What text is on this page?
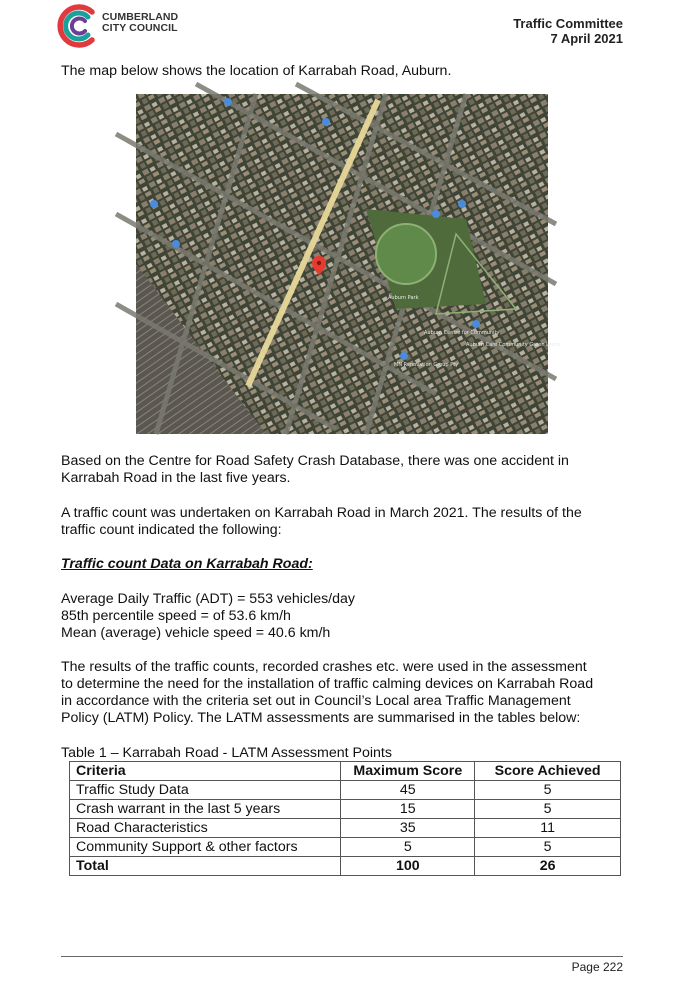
CUMBERLAND
CITY COUNCIL	Traffic Committee
7 April 2021
The map below shows the location of Karrabah Road, Auburn.
Auburn Park
Auburn Centre for Community
MN Renovation Group Pty
Auburn Care Community Green Lyons
Based on the Centre for Road Safety Crash Database, there was one accident in
Karrabah Road in the last five years.
A traffic count was undertaken on Karrabah Road in March 2021. The results of the
traffic count indicated the following:
Traffic count Data on Karrabah Road:
Average Daily Traffic (ADT) = 553 vehicles/day
85th percentile speed = of 53.6 km/h
Mean (average) vehicle speed = 40.6 km/h
The results of the traffic counts, recorded crashes etc. were used in the assessment
to determine the need for the installation of traffic calming devices on Karrabah Road
in accordance with the criteria set out in Council’s Local area Traffic Management
Policy (LATM) Policy. The LATM assessments are summarised in the tables below:
Table 1 – Karrabah Road - LATM Assessment Points
Criteria	Maximum Score	Score Achieved
Traffic Study Data	45	5
Crash warrant in the last 5 years	15	5
Road Characteristics	35	11
Community Support & other factors	5	5
Total	100	26
Page 222
